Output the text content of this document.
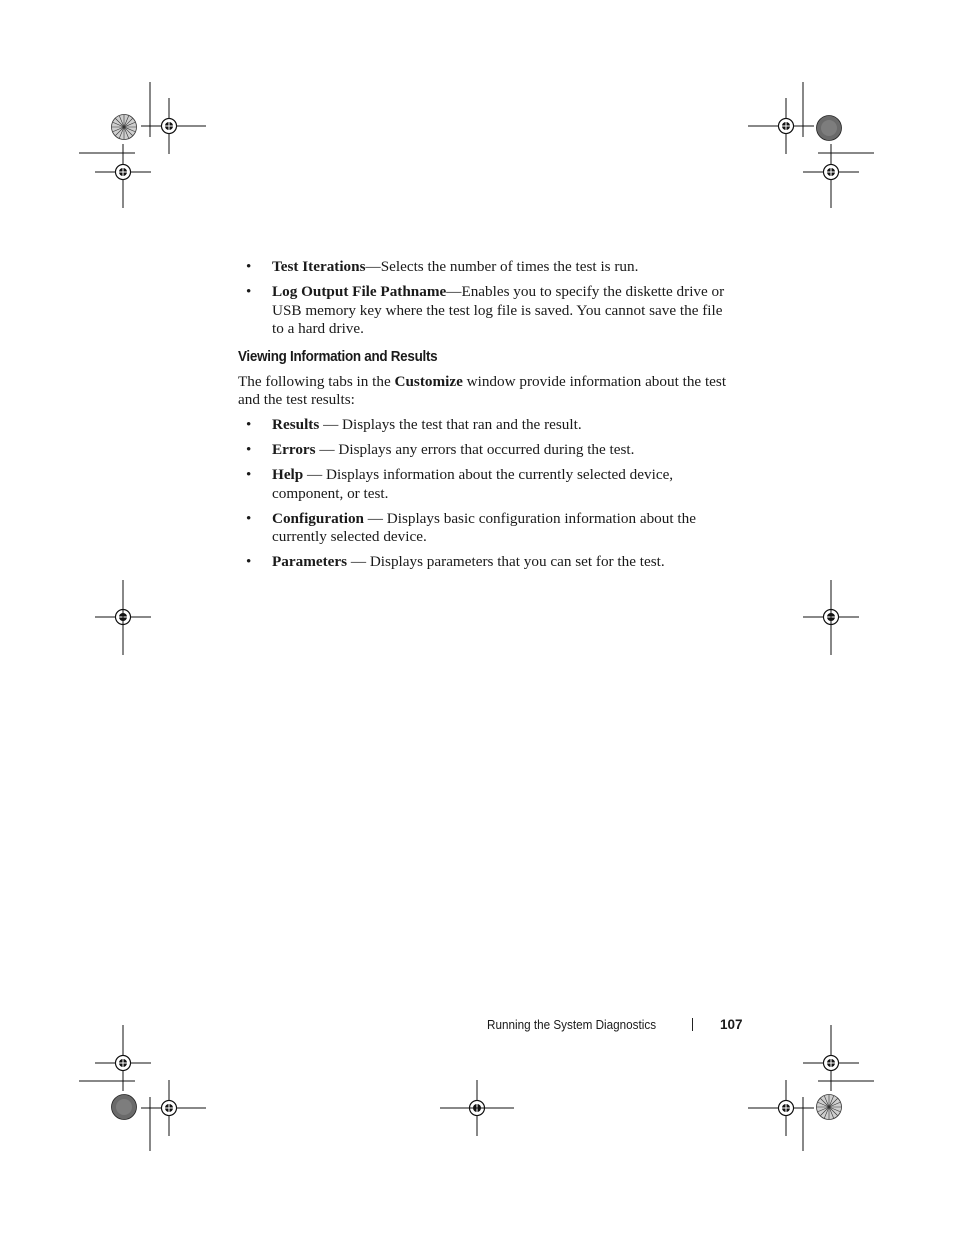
• Test Iterations—Selects the number of times the test is run.
• Log Output File Pathname—Enables you to specify the diskette drive or USB memory key where the test log file is saved. You cannot save the file to a hard drive.
Viewing Information and Results

The following tabs in the Customize window provide information about the test and the test results:

• Results — Displays the test that ran and the result.
• Errors — Displays any errors that occurred during the test.
• Help — Displays information about the currently selected device, component, or test.
• Configuration — Displays basic configuration information about the currently selected device.
• Parameters — Displays parameters that you can set for the test.
Running the System Diagnostics	107
